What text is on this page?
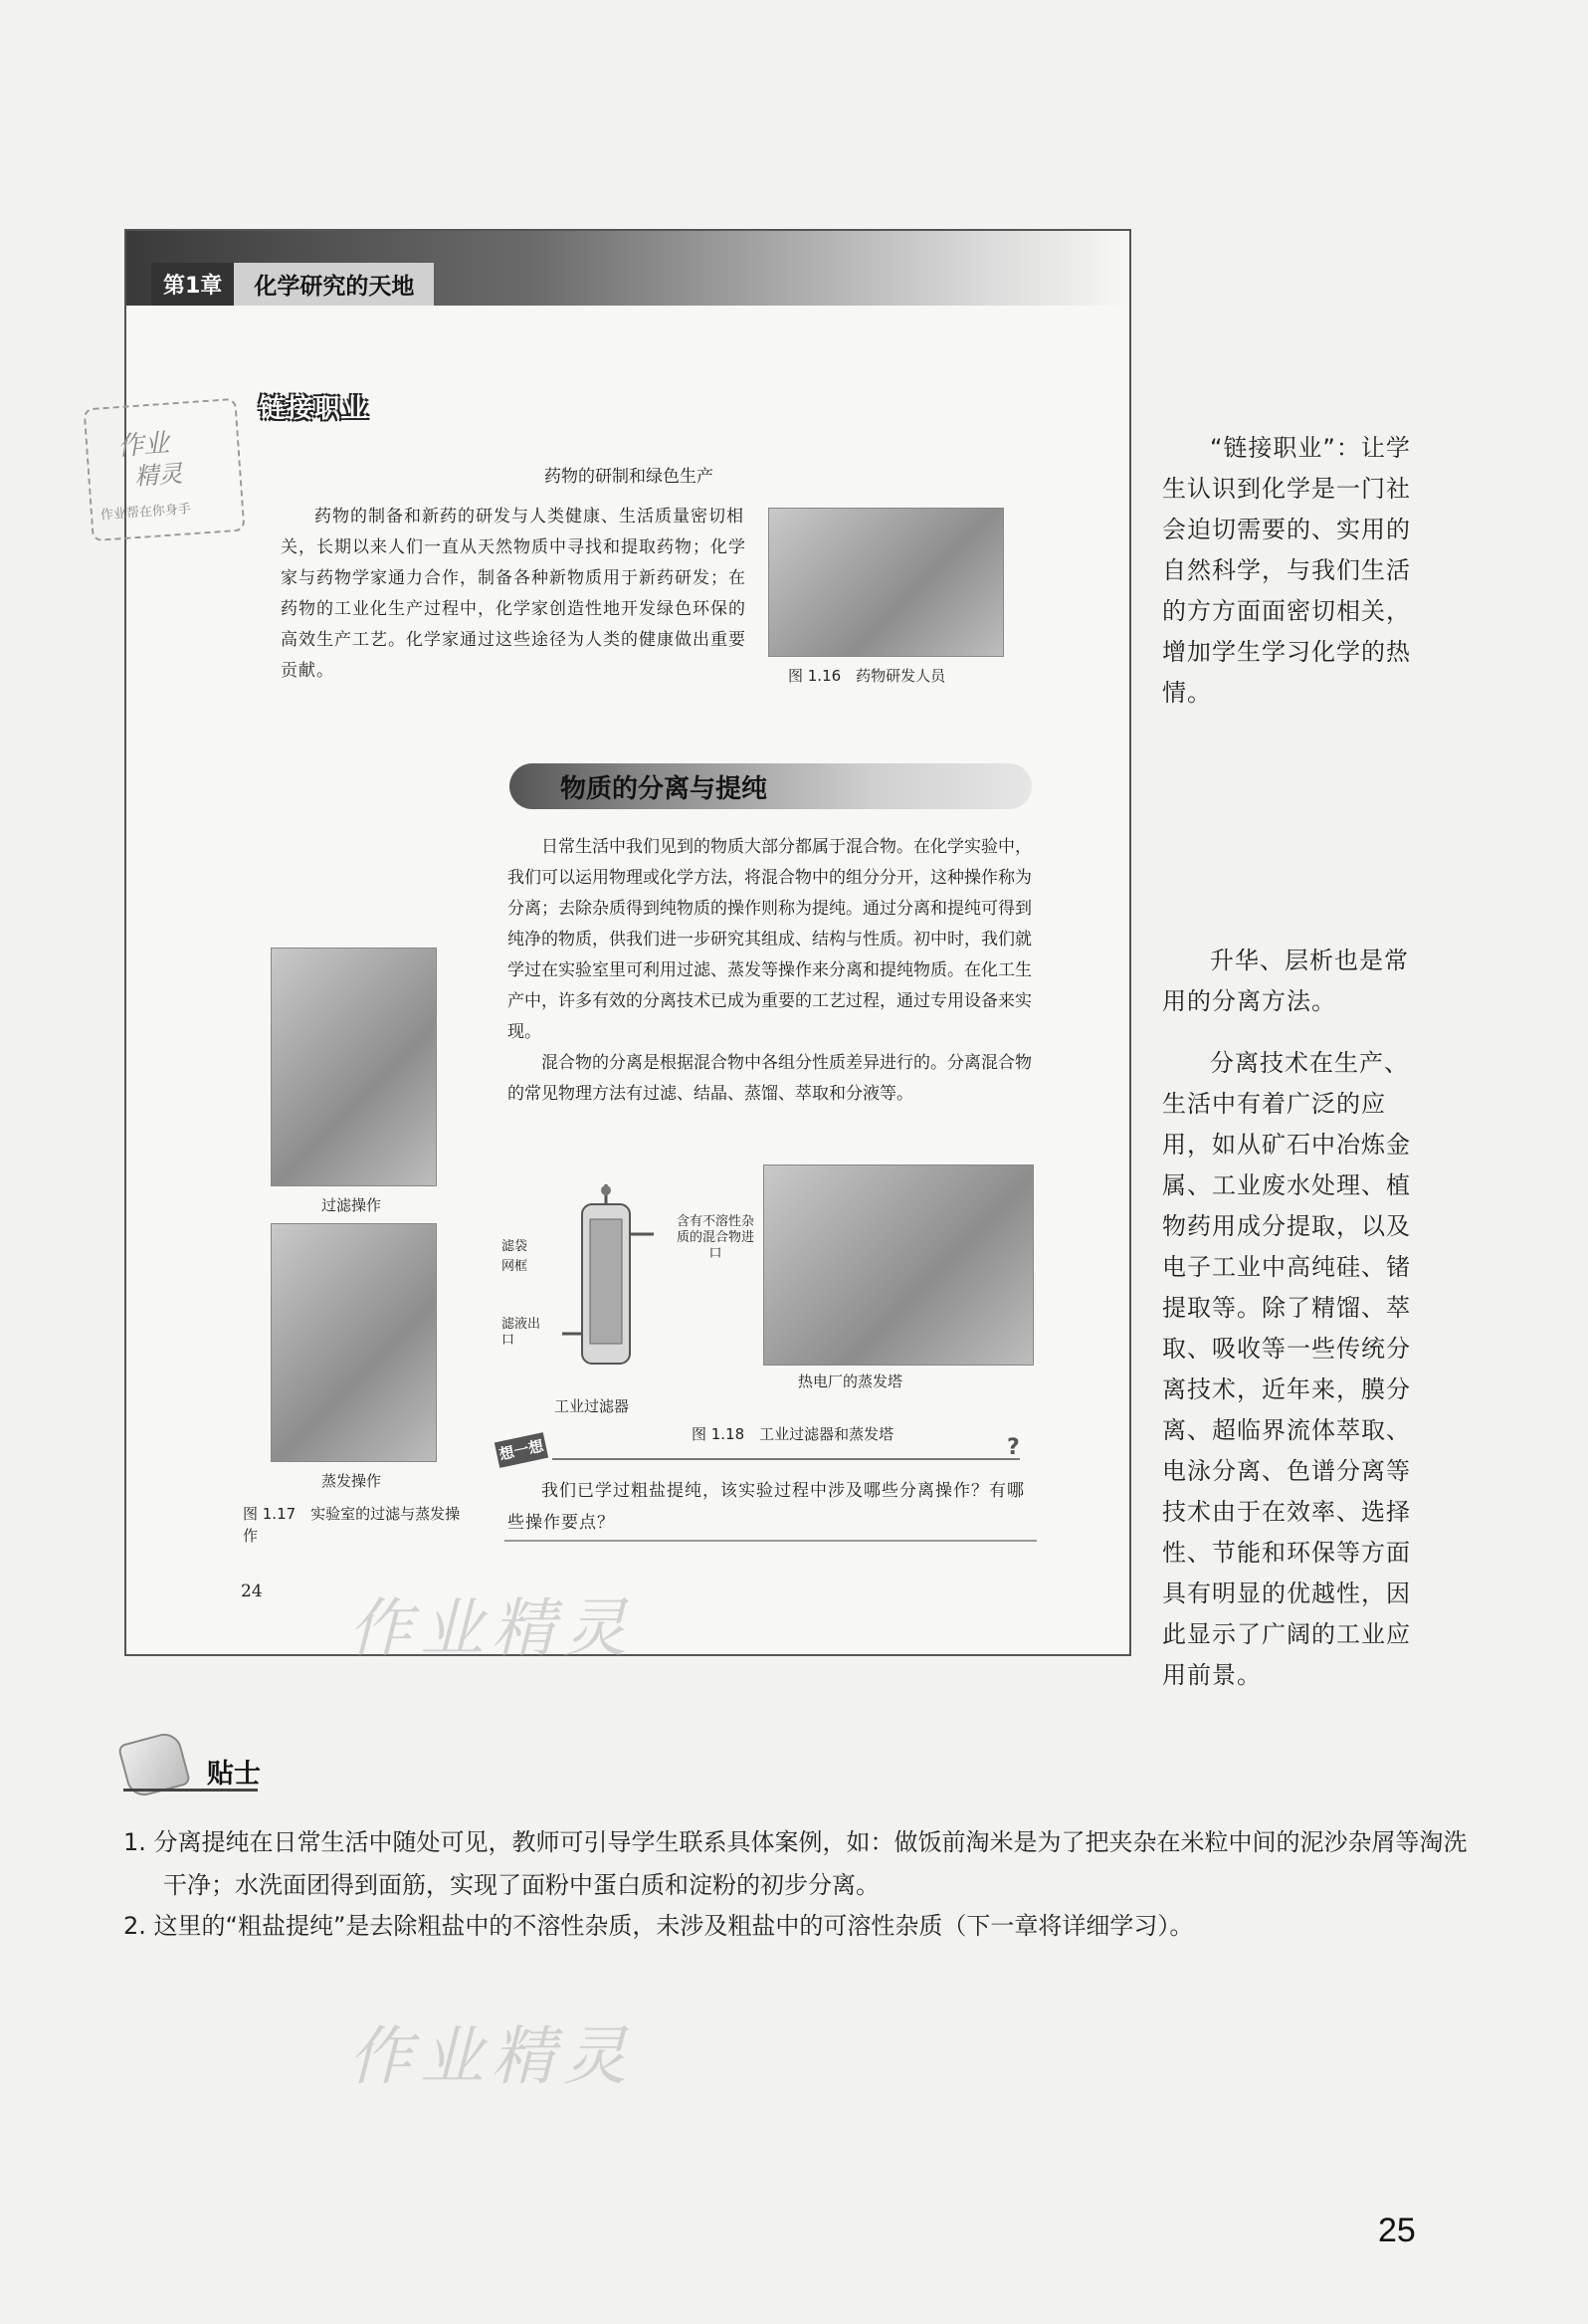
第1章	化学研究的天地
链接职业
药物的研制和绿色生产
药物的制备和新药的研发与人类健康、生活质量密切相关，长期以来人们一直从天然物质中寻找和提取药物；化学家与药物学家通力合作，制备各种新物质用于新药研发；在药物的工业化生产过程中，化学家创造性地开发绿色环保的高效生产工艺。化学家通过这些途径为人类的健康做出重要贡献。	图 1.16　药物研发人员
物质的分离与提纯

日常生活中我们见到的物质大部分都属于混合物。在化学实验中，我们可以运用物理或化学方法，将混合物中的组分分开，这种操作称为分离；去除杂质得到纯物质的操作则称为提纯。通过分离和提纯可得到纯净的物质，供我们进一步研究其组成、结构与性质。初中时，我们就学过在实验室里可利用过滤、蒸发等操作来分离和提纯物质。在化工生产中，许多有效的分离技术已成为重要的工艺过程，通过专用设备来实现。

混合物的分离是根据混合物中各组分性质差异进行的。分离混合物的常见物理方法有过滤、结晶、蒸馏、萃取和分液等。

过滤操作
蒸发操作
图 1.17　实验室的过滤与蒸发操作
滤袋
网框
滤液出口
含有不溶性杂质的混合物进口
工业过滤器
热电厂的蒸发塔
图 1.18　工业过滤器和蒸发塔
想一想	?
我们已学过粗盐提纯，该实验过程中涉及哪些分离操作？有哪些操作要点？
24
作业
精灵
作业帮在你身手
作业精灵
作业精灵

“链接职业”：让学生认识到化学是一门社会迫切需要的、实用的自然科学，与我们生活的方方面面密切相关，增加学生学习化学的热情。

升华、层析也是常用的分离方法。

分离技术在生产、生活中有着广泛的应用，如从矿石中冶炼金属、工业废水处理、植物药用成分提取，以及电子工业中高纯硅、锗提取等。除了精馏、萃取、吸收等一些传统分离技术，近年来，膜分离、超临界流体萃取、电泳分离、色谱分离等技术由于在效率、选择性、节能和环保等方面具有明显的优越性，因此显示了广阔的工业应用前景。

贴士

1. 分离提纯在日常生活中随处可见，教师可引导学生联系具体案例，如：做饭前淘米是为了把夹杂在米粒中间的泥沙杂屑等淘洗干净；水洗面团得到面筋，实现了面粉中蛋白质和淀粉的初步分离。

2. 这里的“粗盐提纯”是去除粗盐中的不溶性杂质，未涉及粗盐中的可溶性杂质（下一章将详细学习）。

25
